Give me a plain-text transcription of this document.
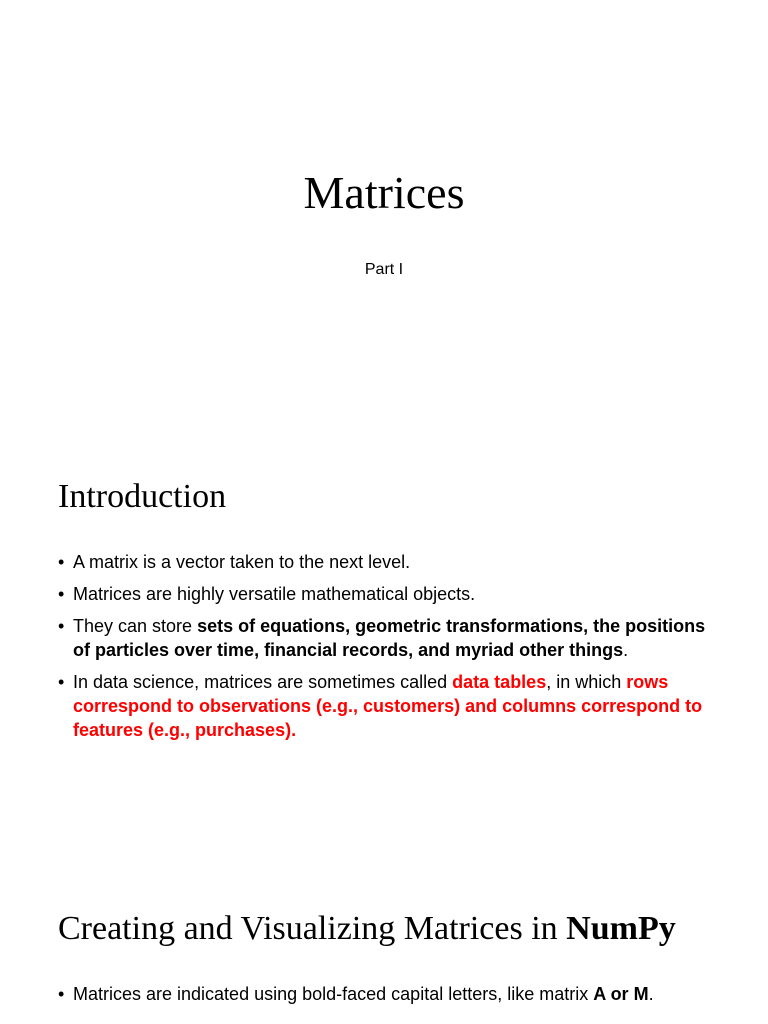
Matrices

Part I

Introduction
• A matrix is a vector taken to the next level.
• Matrices are highly versatile mathematical objects.
• They can store sets of equations, geometric transformations, the positions of particles over time, financial records, and myriad other things.
• In data science, matrices are sometimes called data tables, in which rows correspond to observations (e.g., customers) and columns correspond to features (e.g., purchases).
Creating and Visualizing Matrices in NumPy
• Matrices are indicated using bold-faced capital letters, like matrix A or M.
